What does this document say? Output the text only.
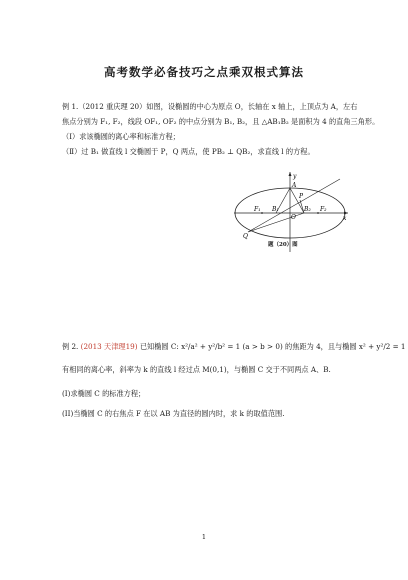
高考数学必备技巧之点乘双根式算法
例 1.（2012 重庆理 20）如图，设椭圆的中心为原点 O，长轴在 x 轴上，上顶点为 A，左右
焦点分别为 F₁, F₂，线段 OF₁, OF₂ 的中点分别为 B₁, B₂，且 △AB₁B₂ 是面积为 4 的直角三角形。
（Ⅰ）求该椭圆的离心率和标准方程；
（Ⅱ）过 B₁ 做直线 l 交椭圆于 P，Q 两点，使 PB₂ ⊥ QB₂，求直线 l 的方程。
y
x
A
P
Q
O
F₁	F₂
B₁	B₂
题（20）图
例 2. (2013 天津理19) 已知椭圆 C: x²/a² + y²/b² = 1 (a > b > 0) 的焦距为 4，且与椭圆 x² + y²/2 = 1
有相同的离心率，斜率为 k 的直线 l 经过点 M(0,1)，与椭圆 C 交于不同两点 A、B.
(I)求椭圆 C 的标准方程；
(II)当椭圆 C 的右焦点 F 在以 AB 为直径的圆内时，求 k 的取值范围.
1
